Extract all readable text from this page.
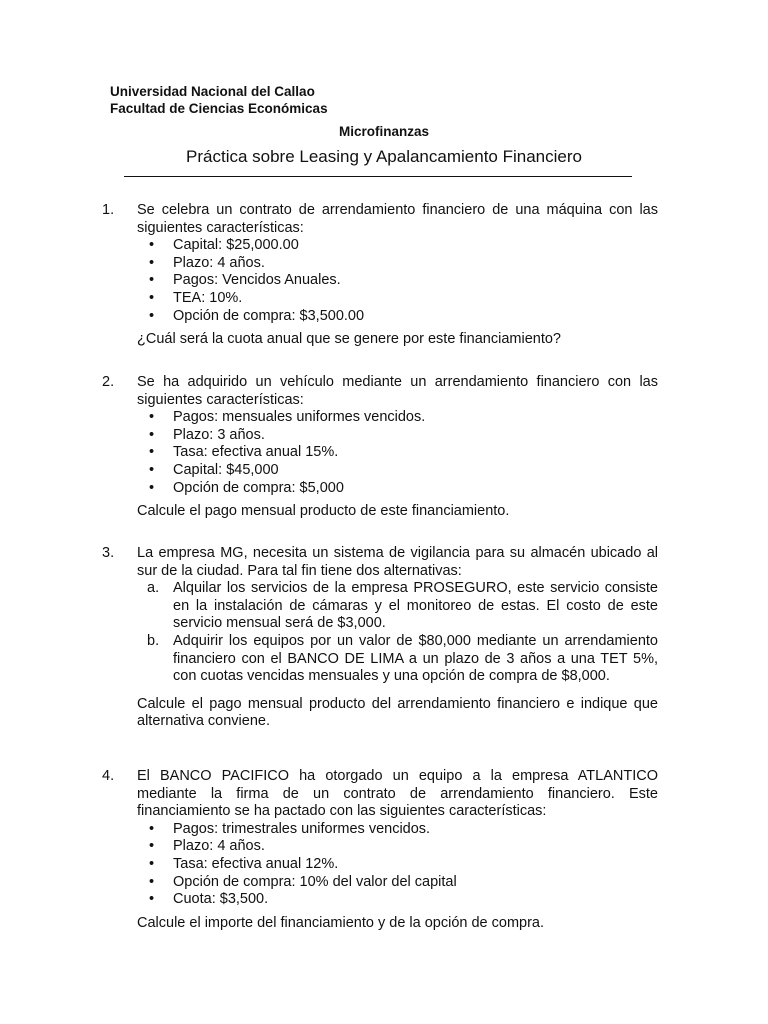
Universidad Nacional del Callao
Facultad de Ciencias Económicas
Microfinanzas
Práctica sobre Leasing y Apalancamiento Financiero
1. Se celebra un contrato de arrendamiento financiero de una máquina con las siguientes características:

• Capital: $25,000.00
• Plazo: 4 años.
• Pagos: Vencidos Anuales.
• TEA: 10%.
• Opción de compra: $3,500.00

¿Cuál será la cuota anual que se genere por este financiamiento?

2. Se ha adquirido un vehículo mediante un arrendamiento financiero con las siguientes características:

• Pagos: mensuales uniformes vencidos.
• Plazo: 3 años.
• Tasa: efectiva anual 15%.
• Capital: $45,000
• Opción de compra: $5,000

Calcule el pago mensual producto de este financiamiento.

3. La empresa MG, necesita un sistema de vigilancia para su almacén ubicado al sur de la ciudad. Para tal fin tiene dos alternativas:

a. Alquilar los servicios de la empresa PROSEGURO, este servicio consiste en la instalación de cámaras y el monitoreo de estas. El costo de este servicio mensual será de $3,000.
b. Adquirir los equipos por un valor de $80,000 mediante un arrendamiento financiero con el BANCO DE LIMA a un plazo de 3 años a una TET 5%, con cuotas vencidas mensuales y una opción de compra de $8,000.

Calcule el pago mensual producto del arrendamiento financiero e indique que alternativa conviene.

4. El BANCO PACIFICO ha otorgado un equipo a la empresa ATLANTICO mediante la firma de un contrato de arrendamiento financiero. Este financiamiento se ha pactado con las siguientes características:

• Pagos: trimestrales uniformes vencidos.
• Plazo: 4 años.
• Tasa: efectiva anual 12%.
• Opción de compra: 10% del valor del capital
• Cuota: $3,500.

Calcule el importe del financiamiento y de la opción de compra.
